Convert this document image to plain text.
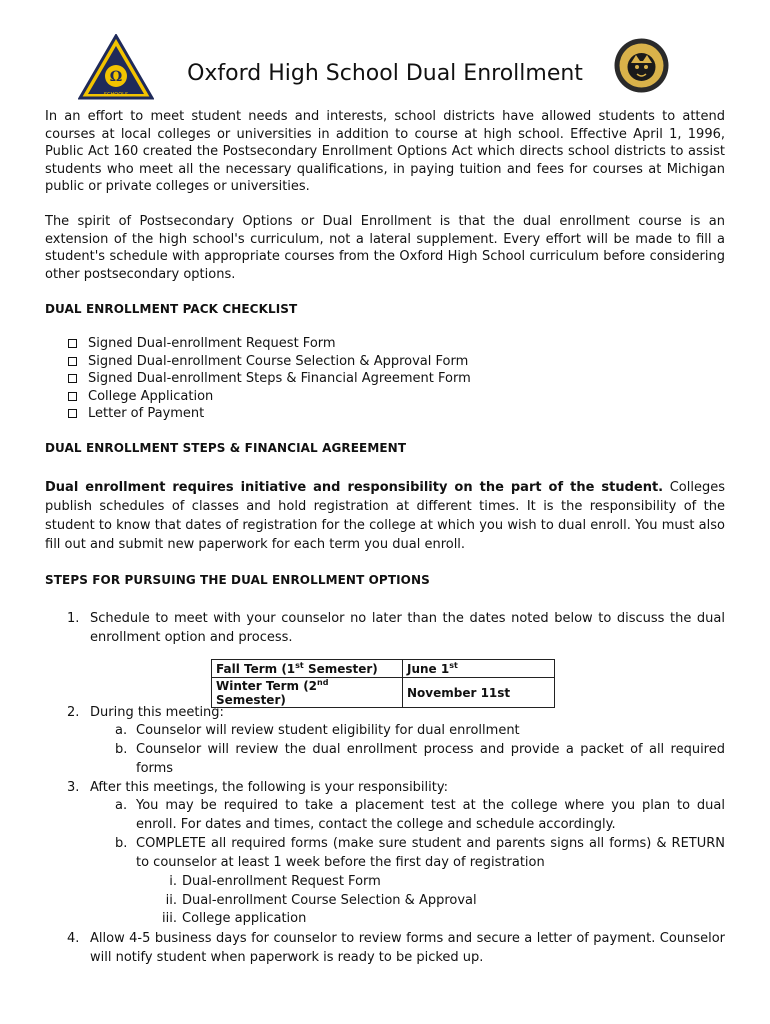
Ω
SCHOOLS
Oxford High School Dual Enrollment

In an effort to meet student needs and interests, school districts have allowed students to attend courses at local colleges or universities in addition to course at high school. Effective April 1, 1996, Public Act 160 created the Postsecondary Enrollment Options Act which directs school districts to assist students who meet all the necessary qualifications, in paying tuition and fees for courses at Michigan public or private colleges or universities.

The spirit of Postsecondary Options or Dual Enrollment is that the dual enrollment course is an extension of the high school's curriculum, not a lateral supplement. Every effort will be made to fill a student's schedule with appropriate courses from the Oxford High School curriculum before considering other postsecondary options.

DUAL ENROLLMENT PACK CHECKLIST

Signed Dual-enrollment Request Form
Signed Dual-enrollment Course Selection & Approval Form
Signed Dual-enrollment Steps & Financial Agreement Form
College Application
Letter of Payment

DUAL ENROLLMENT STEPS & FINANCIAL AGREEMENT

Dual enrollment requires initiative and responsibility on the part of the student. Colleges publish schedules of classes and hold registration at different times. It is the responsibility of the student to know that dates of registration for the college at which you wish to dual enroll. You must also fill out and submit new paperwork for each term you dual enroll.

STEPS FOR PURSUING THE DUAL ENROLLMENT OPTIONS

1. Schedule to meet with your counselor no later than the dates noted below to discuss the dual enrollment option and process.
Fall Term (1st Semester)	June 1st
Winter Term (2nd Semester)	November 11st
2. During this meeting:
a. Counselor will review student eligibility for dual enrollment
b. Counselor will review the dual enrollment process and provide a packet of all required forms
3. After this meetings, the following is your responsibility:
a. You may be required to take a placement test at the college where you plan to dual enroll. For dates and times, contact the college and schedule accordingly.
b. COMPLETE all required forms (make sure student and parents signs all forms) & RETURN to counselor at least 1 week before the first day of registration
i. Dual-enrollment Request Form
ii. Dual-enrollment Course Selection & Approval
iii. College application
4. Allow 4-5 business days for counselor to review forms and secure a letter of payment. Counselor will notify student when paperwork is ready to be picked up.
